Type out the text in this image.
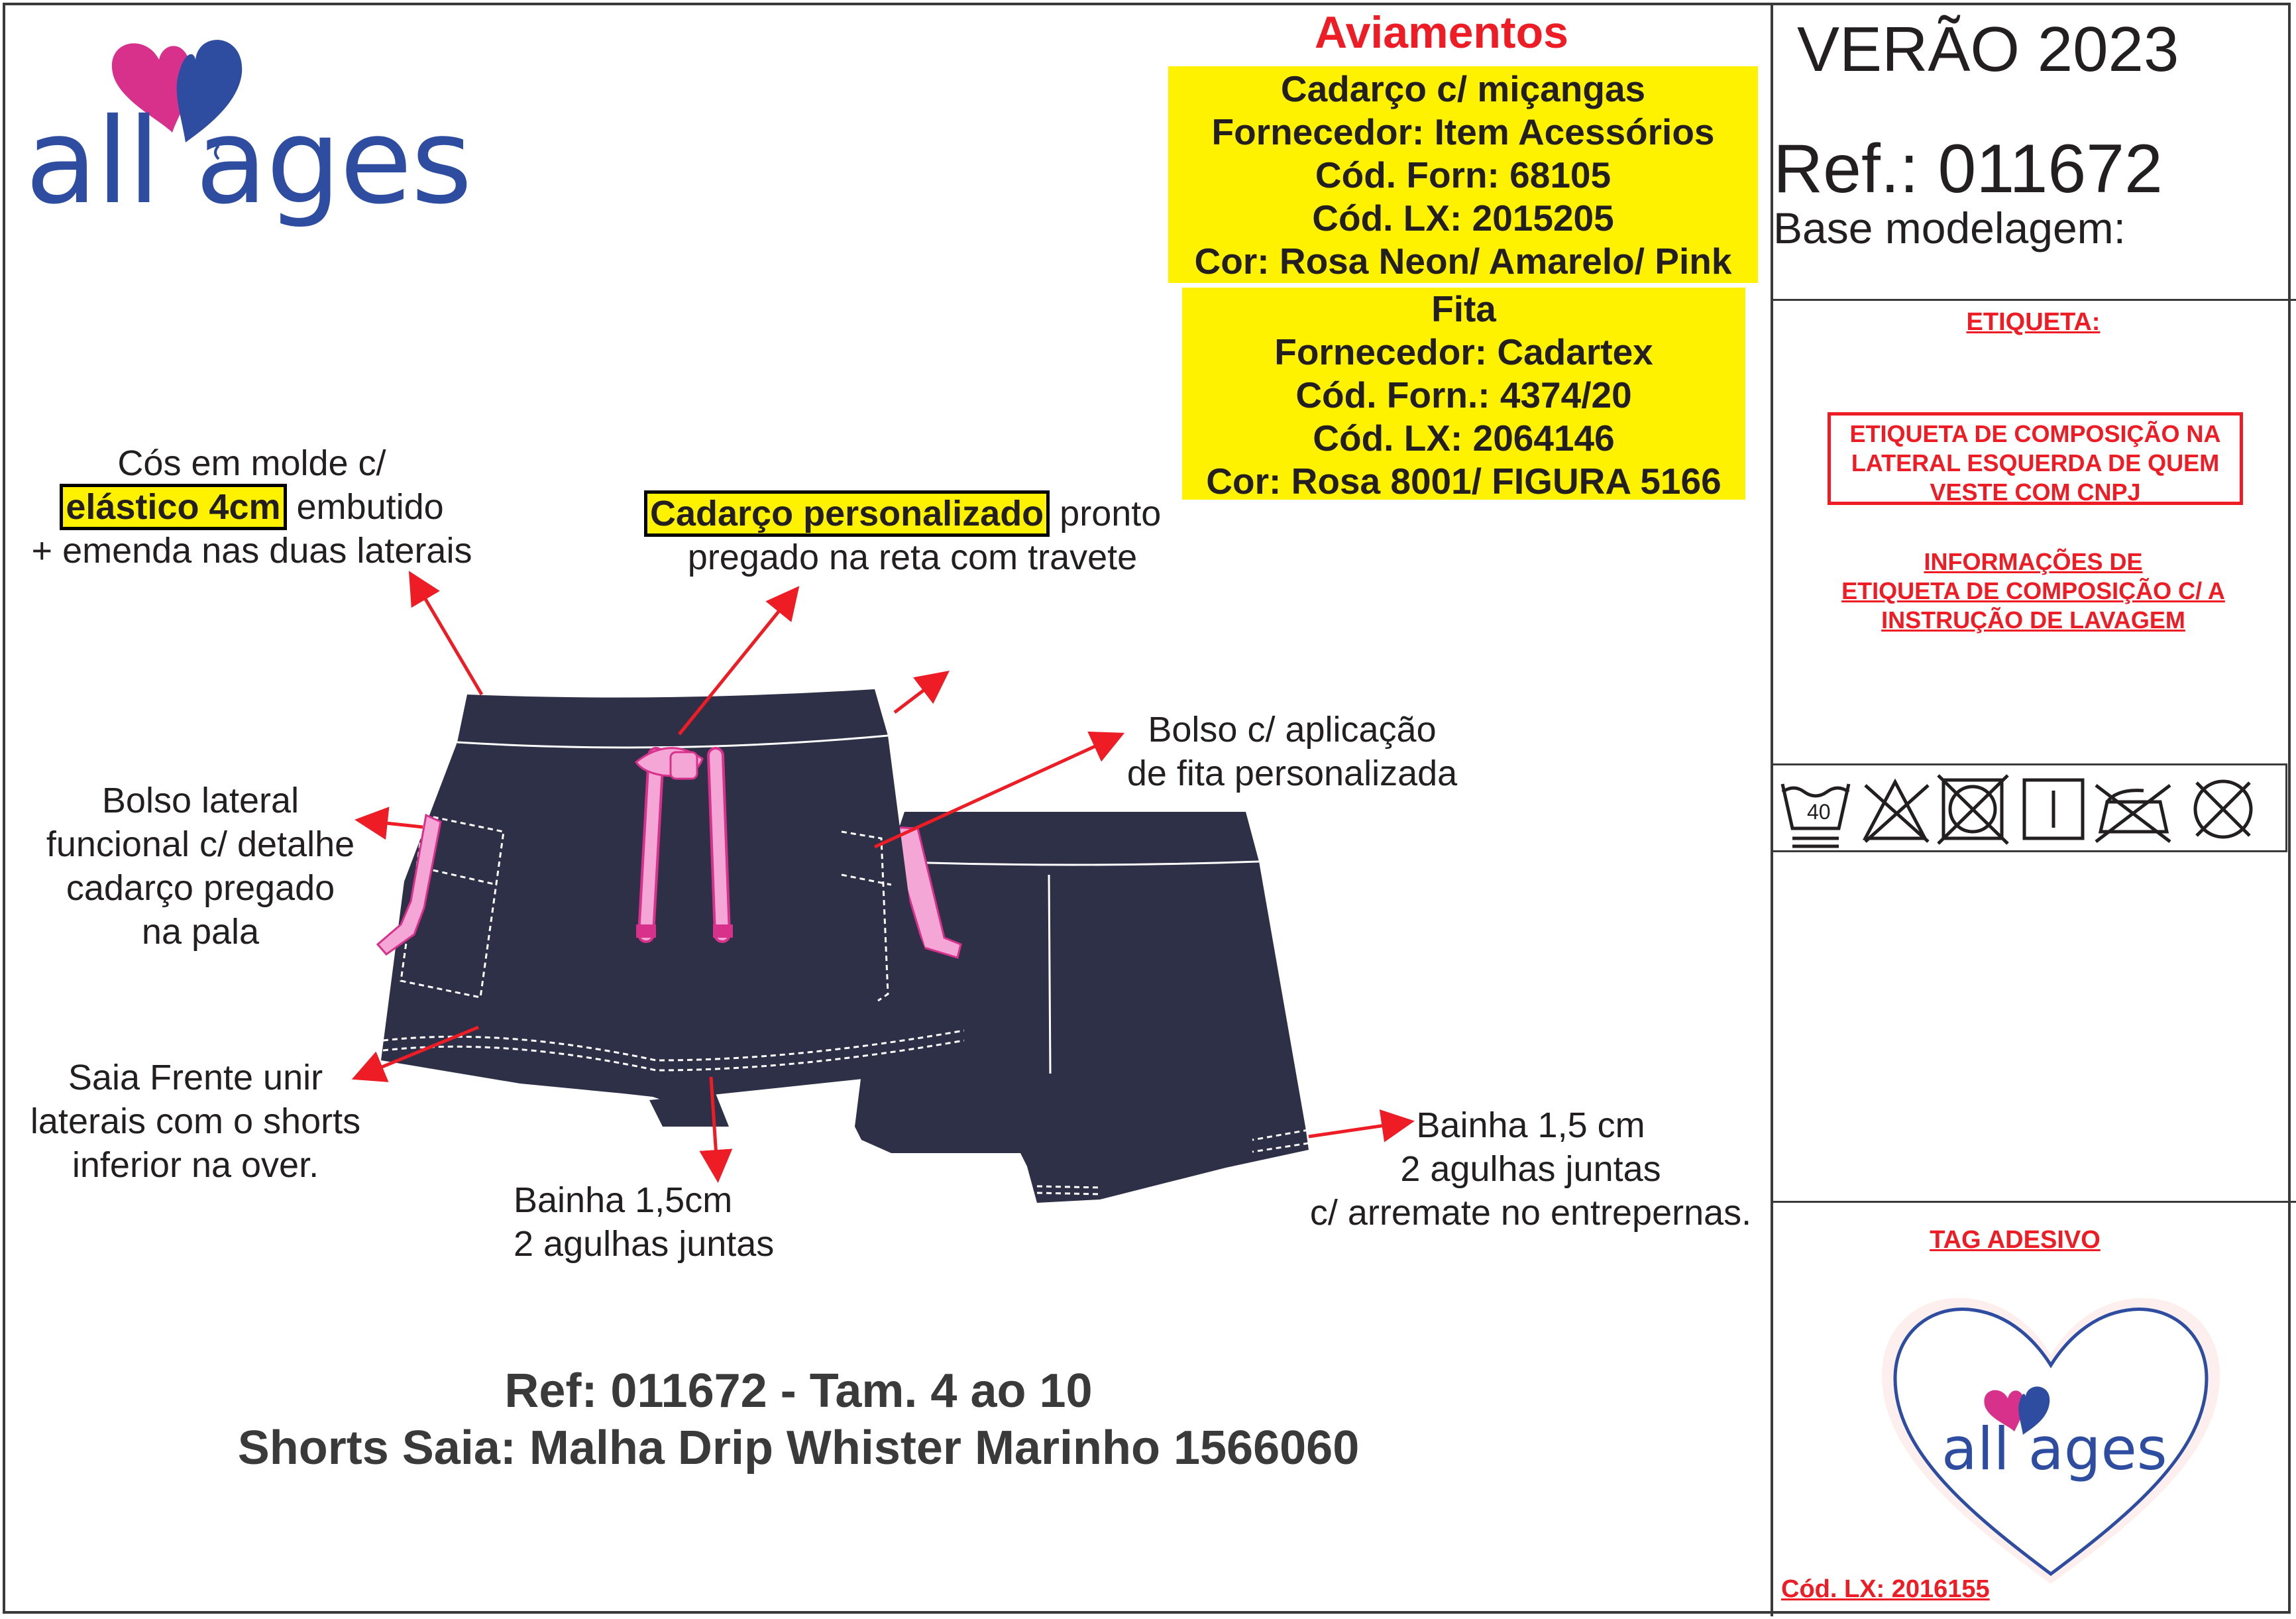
all ages
VERÃO 2023
Ref.: 011672
Base modelagem:
Aviamentos
Cadarço c/ miçangas
Fornecedor: Item Acessórios
Cód. Forn: 68105
Cód. LX: 2015205
Cor: Rosa Neon/ Amarelo/ Pink
Fita
Fornecedor: Cadartex
Cód. Forn.: 4374/20
Cód. LX: 2064146
Cor: Rosa 8001/ FIGURA 5166
Cós em molde c/
elástico 4cm embutido
+ emenda nas duas laterais
Cadarço personalizado pronto
pregado na reta com travete
Bolso c/ aplicação
de fita personalizada
Bolso lateral
funcional c/ detalhe
cadarço pregado
na pala
Saia Frente unir
laterais com o shorts
inferior na over.
Bainha 1,5cm
2 agulhas juntas
Bainha 1,5 cm
2 agulhas juntas
c/ arremate no entrepernas.
Ref: 011672 - Tam. 4 ao 10
Shorts Saia: Malha Drip Whister Marinho 1566060
ETIQUETA:
ETIQUETA DE COMPOSIÇÃO NA
LATERAL ESQUERDA DE QUEM
VESTE COM CNPJ
INFORMAÇÕES DE
ETIQUETA DE COMPOSIÇÃO C/ A
INSTRUÇÃO DE LAVAGEM
40
TAG ADESIVO
all ages
Cód. LX: 2016155
